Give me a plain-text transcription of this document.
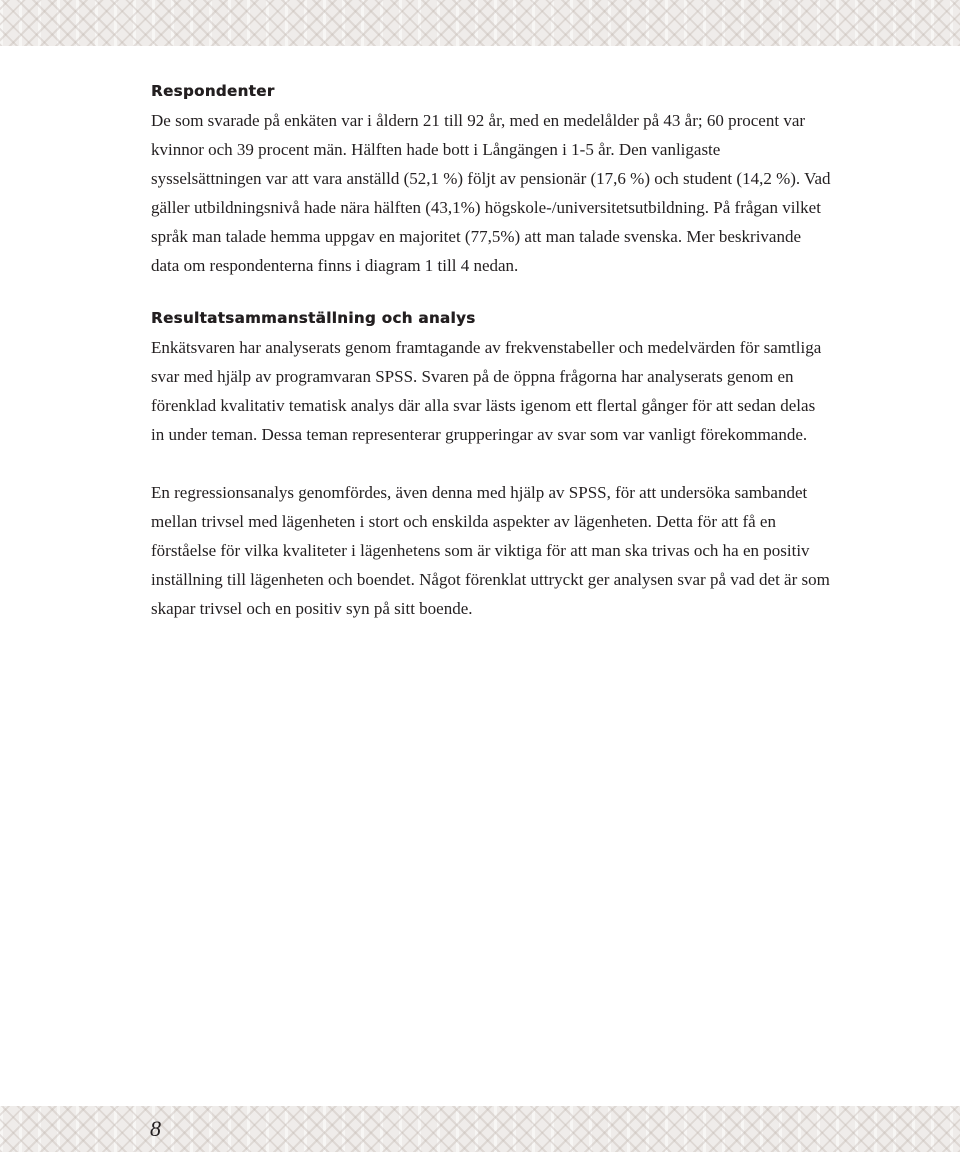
Respondenter

De som svarade på enkäten var i åldern 21 till 92 år, med en medelålder på 43 år; 60 procent var kvinnor och 39 procent män. Hälften hade bott i Långängen i 1-5 år. Den vanligaste sysselsättningen var att vara anställd (52,1 %) följt av pensionär (17,6 %) och student (14,2 %). Vad gäller utbildningsnivå hade nära hälften (43,1%) högskole-/universitetsutbildning. På frågan vilket språk man talade hemma uppgav en majoritet (77,5%) att man talade svenska. Mer beskrivande data om respondenterna finns i diagram 1 till 4 nedan.

Resultatsammanställning och analys

Enkätsvaren har analyserats genom framtagande av frekvenstabeller och medelvärden för samtliga svar med hjälp av programvaran SPSS. Svaren på de öppna frågorna har analyserats genom en förenklad kvalitativ tematisk analys där alla svar lästs igenom ett flertal gånger för att sedan delas in under teman. Dessa teman representerar grupperingar av svar som var vanligt förekommande.

En regressionsanalys genomfördes, även denna med hjälp av SPSS, för att undersöka sambandet mellan trivsel med lägenheten i stort och enskilda aspekter av lägenheten. Detta för att få en förståelse för vilka kvaliteter i lägenhetens som är viktiga för att man ska trivas och ha en positiv inställning till lägenheten och boendet. Något förenklat uttryckt ger analysen svar på vad det är som skapar trivsel och en positiv syn på sitt boende.

8
